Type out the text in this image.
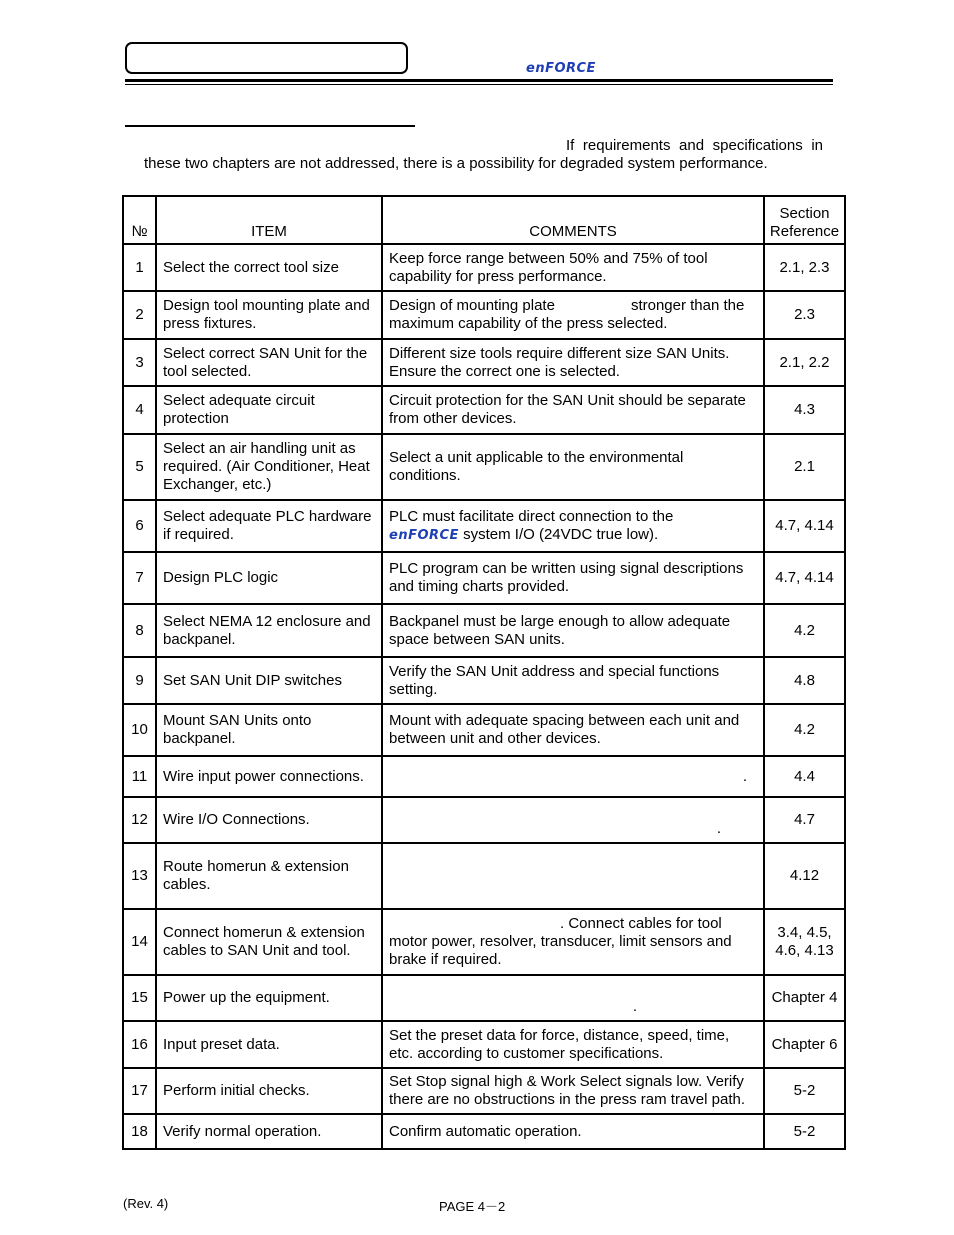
enFORCE
If requirements and specifications in
these two chapters are not addressed, there is a possibility for degraded system performance.
№	ITEM	COMMENTS	Section
Reference

1	Select the correct tool size	Keep force range between 50% and 75% of tool capability for press performance.	2.1, 2.3
2	Design tool mounting plate and press fixtures.	Design of mounting plate stronger than the maximum capability of the press selected.	2.3
3	Select correct SAN Unit for the tool selected.	Different size tools require different size SAN Units. Ensure the correct one is selected.	2.1, 2.2
4	Select adequate circuit protection	Circuit protection for the SAN Unit should be separate from other devices.	4.3
5	Select an air handling unit as required. (Air Conditioner, Heat Exchanger, etc.)	Select a unit applicable to the environmental conditions.	2.1
6	Select adequate PLC hardware if required.	PLC must facilitate direct connection to the
enFORCE system I/O (24VDC true low).	4.7, 4.14
7	Design PLC logic	PLC program can be written using signal descriptions and timing charts provided.	4.7, 4.14
8	Select NEMA 12 enclosure and backpanel.	Backpanel must be large enough to allow adequate space between SAN units.	4.2
9	Set SAN Unit DIP switches	Verify the SAN Unit address and special functions setting.	4.8
10	Mount SAN Units onto backpanel.	Mount with adequate spacing between each unit and between unit and other devices.	4.2
11	Wire input power connections.	.	4.4
12	Wire I/O Connections.	.	4.7
13	Route homerun & extension cables.		4.12
14	Connect homerun & extension cables to SAN Unit and tool.	. Connect cables for tool motor power, resolver, transducer, limit sensors and brake if required.	3.4, 4.5,
4.6, 4.13

15	Power up the equipment.	.	Chapter 4
16	Input preset data.	Set the preset data for force, distance, speed, time, etc. according to customer specifications.	Chapter 6
17	Perform initial checks.	Set Stop signal high & Work Select signals low. Verify there are no obstructions in the press ram travel path.	5-2
18	Verify normal operation.	Confirm automatic operation.	5-2
(Rev. 4)	PAGE 4－2
